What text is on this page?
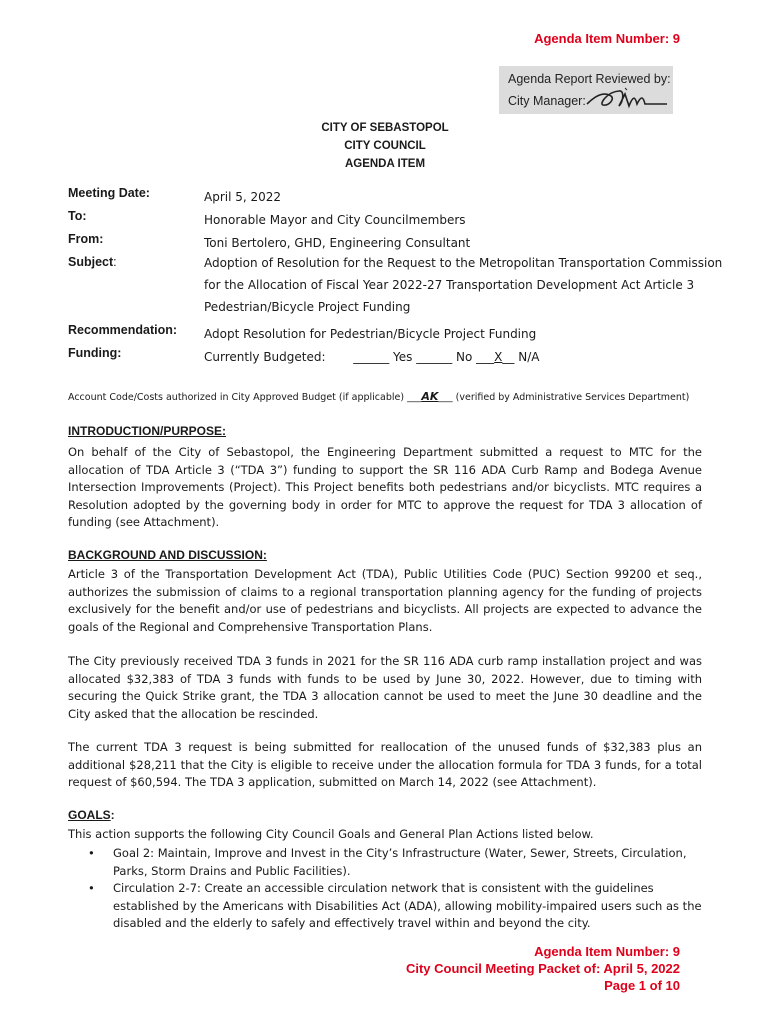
Agenda Item Number: 9
Agenda Report Reviewed by:
City Manager:
CITY OF SEBASTOPOL
CITY COUNCIL
AGENDA ITEM
Meeting Date:	April 5, 2022
To:	Honorable Mayor and City Councilmembers
From:	Toni Bertolero, GHD, Engineering Consultant
Subject:	Adoption of Resolution for the Request to the Metropolitan Transportation Commission
for the Allocation of Fiscal Year 2022-27 Transportation Development Act Article 3
Pedestrian/Bicycle Project Funding
Recommendation: Adopt Resolution for Pedestrian/Bicycle Project Funding
Funding:	Currently Budgeted: ______ Yes ______ No ___X__ N/A
Account Code/Costs authorized in City Approved Budget (if applicable) ___AK___ (verified by Administrative Services Department)
INTRODUCTION/PURPOSE:

On behalf of the City of Sebastopol, the Engineering Department submitted a request to MTC for the allocation of TDA Article 3 (“TDA 3”) funding to support the SR 116 ADA Curb Ramp and Bodega Avenue Intersection Improvements (Project). This Project benefits both pedestrians and/or bicyclists. MTC requires a Resolution adopted by the governing body in order for MTC to approve the request for TDA 3 allocation of funding (see Attachment).

BACKGROUND AND DISCUSSION:

Article 3 of the Transportation Development Act (TDA), Public Utilities Code (PUC) Section 99200 et seq., authorizes the submission of claims to a regional transportation planning agency for the funding of projects exclusively for the benefit and/or use of pedestrians and bicyclists. All projects are expected to advance the goals of the Regional and Comprehensive Transportation Plans.

The City previously received TDA 3 funds in 2021 for the SR 116 ADA curb ramp installation project and was allocated $32,383 of TDA 3 funds with funds to be used by June 30, 2022. However, due to timing with securing the Quick Strike grant, the TDA 3 allocation cannot be used to meet the June 30 deadline and the City asked that the allocation be rescinded.

The current TDA 3 request is being submitted for reallocation of the unused funds of $32,383 plus an additional $28,211 that the City is eligible to receive under the allocation formula for TDA 3 funds, for a total request of $60,594. The TDA 3 application, submitted on March 14, 2022 (see Attachment).

GOALS:

This action supports the following City Council Goals and General Plan Actions listed below.

• Goal 2: Maintain, Improve and Invest in the City’s Infrastructure (Water, Sewer, Streets, Circulation, Parks, Storm Drains and Public Facilities).
• Circulation 2-7: Create an accessible circulation network that is consistent with the guidelines established by the Americans with Disabilities Act (ADA), allowing mobility-impaired users such as the disabled and the elderly to safely and effectively travel within and beyond the city.
Agenda Item Number: 9
City Council Meeting Packet of: April 5, 2022
Page 1 of 10
